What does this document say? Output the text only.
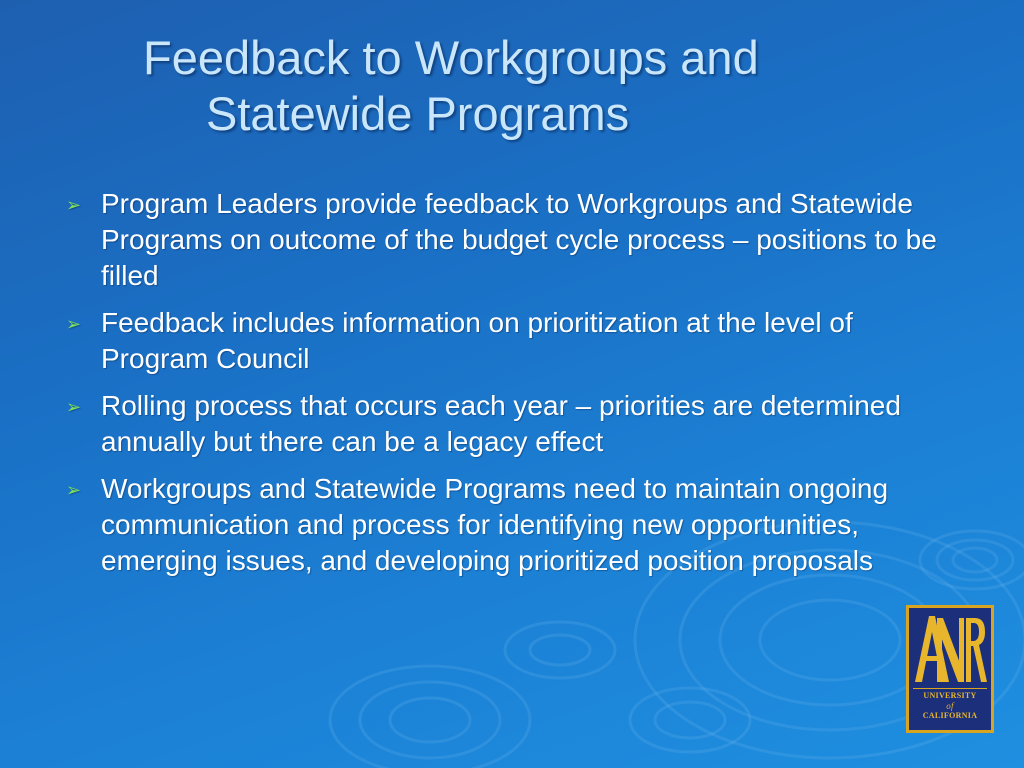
Feedback to Workgroups and
Statewide Programs
➢ Program Leaders provide feedback to Workgroups and Statewide Programs on outcome of the budget cycle process – positions to be filled
➢ Feedback includes information on prioritization at the level of Program Council
➢ Rolling process that occurs each year – priorities are determined annually but there can be a legacy effect
➢ Workgroups and Statewide Programs need to maintain ongoing communication and process for identifying new opportunities, emerging issues, and developing prioritized position proposals
UNIVERSITY
of
CALIFORNIA
